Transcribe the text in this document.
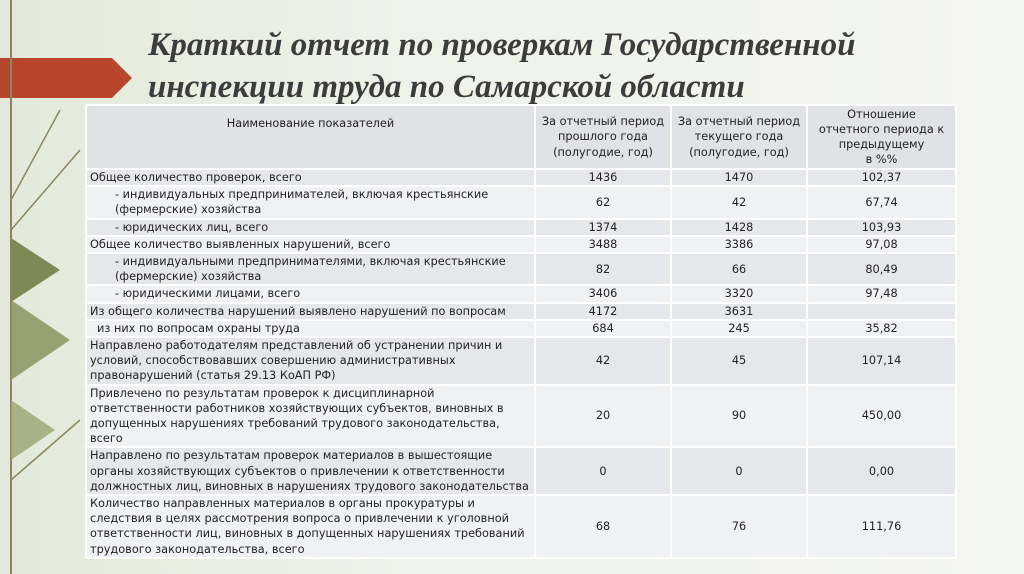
Краткий отчет по проверкам Государственной
инспекции труда по Самарской области
Наименование показателей	За отчетный период
прошлого года
(полугодие, год)	За отчетный период
текущего года
(полугодие, год)	Отношение
отчетного периода к
предыдущему
в %%
Общее количество проверок, всего	1436	1470	102,37
- индивидуальных предпринимателей, включая крестьянские (фермерские) хозяйства	62	42	67,74
- юридических лиц, всего	1374	1428	103,93
Общее количество выявленных нарушений, всего	3488	3386	97,08
- индивидуальными предпринимателями, включая крестьянские (фермерские) хозяйства	82	66	80,49
- юридическими лицами, всего	3406	3320	97,48
Из общего количества нарушений выявлено нарушений по вопросам	4172	3631	
из них по вопросам охраны труда	684	245	35,82
Направлено работодателям представлений об устранении причин и условий, способствовавших совершению административных правонарушений (статья 29.13 КоАП РФ)	42	45	107,14
Привлечено по результатам проверок к дисциплинарной ответственности работников хозяйствующих субъектов, виновных в допущенных нарушениях требований трудового законодательства, всего	20	90	450,00
Направлено по результатам проверок материалов в вышестоящие органы хозяйствующих субъектов о привлечении к ответственности должностных лиц, виновных в нарушениях трудового законодательства	0	0	0,00
Количество направленных материалов в органы прокуратуры и следствия в целях рассмотрения вопроса о привлечении к уголовной ответственности лиц, виновных в допущенных нарушениях требований трудового законодательства, всего	68	76	111,76
